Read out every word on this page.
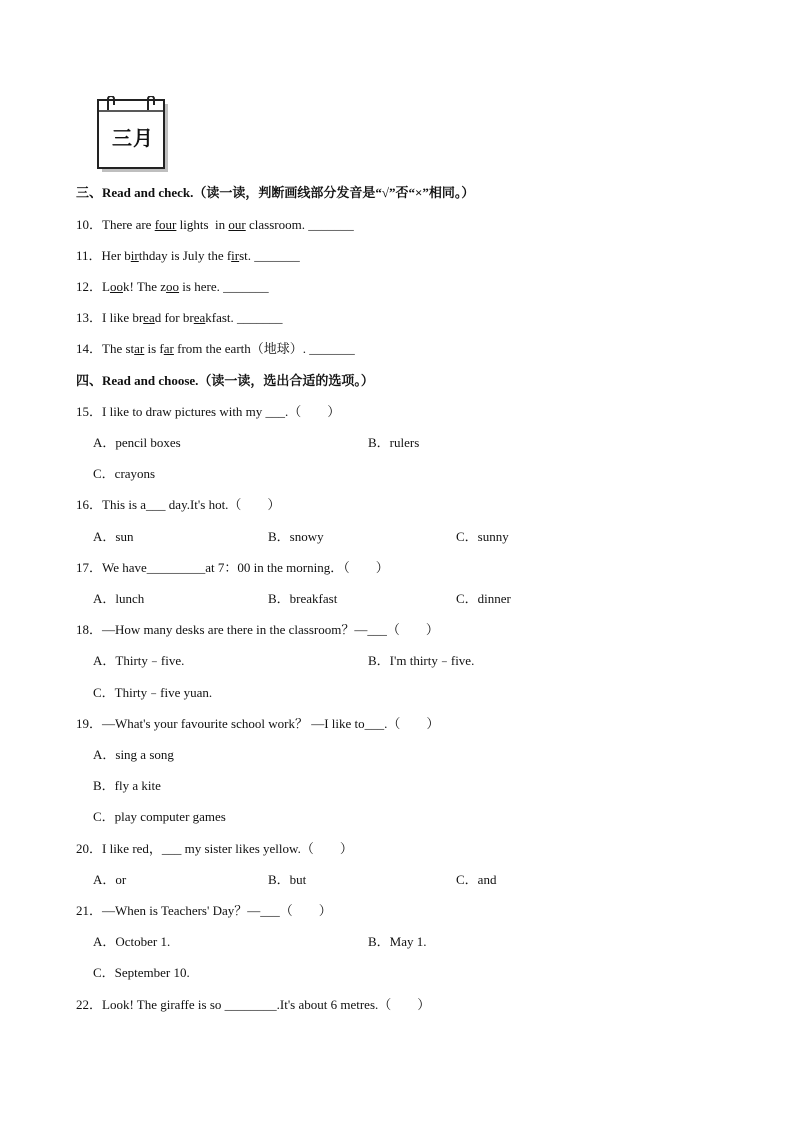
三月
三、Read and check.（读一读，判断画线部分发音是“√”否“×”相同。）
10．There are four lights  in our classroom. _______
11．Her birthday is July the first. _______
12．Look! The zoo is here. _______
13．I like bread for breakfast. _______
14．The star is far from the earth（地球）. _______
四、Read and choose.（读一读，选出合适的选项。）
15．I like to draw pictures with my ___.（　　）
A．pencil boxes	B．rulers
C．crayons
16．This is a___ day.It's hot.（　　）
A．sun	B．snowy	C．sunny
17．We have_________at 7：00 in the morning．（　　）
A．lunch	B．breakfast	C．dinner
18．—How many desks are there in the classroom？—___（　　）
A．Thirty﹣five.	B．I'm thirty﹣five.
C．Thirty﹣five yuan.
19．—What's your favourite school work？ —I like to___.（　　）
A．sing a song
B．fly a kite
C．play computer games
20．I like red，___ my sister likes yellow.（　　）
A．or	B．but	C．and
21．—When is Teachers' Day？—___（　　）
A．October 1.	B．May 1.
C．September 10.
22．Look! The giraffe is so ________.It's about 6 metres.（　　）
